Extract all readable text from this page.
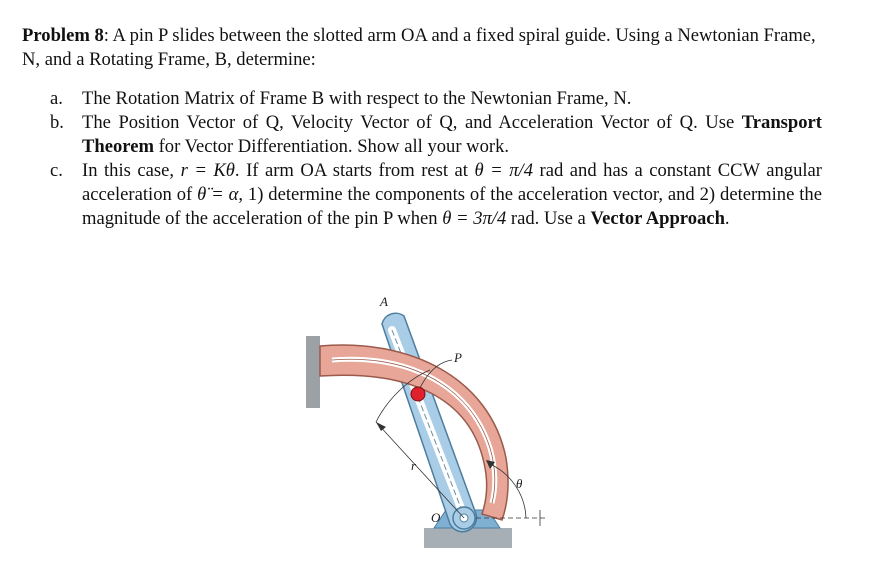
Problem 8: A pin P slides between the slotted arm OA and a fixed spiral guide. Using a Newtonian Frame, N, and a Rotating Frame, B, determine:
a. The Rotation Matrix of Frame B with respect to the Newtonian Frame, N.
b. The Position Vector of Q, Velocity Vector of Q, and Acceleration Vector of Q. Use Transport Theorem for Vector Differentiation. Show all your work.
c. In this case, r = Kθ. If arm OA starts from rest at θ = π/4 rad and has a constant CCW angular acceleration of θ̈ = α, 1) determine the components of the acceleration vector, and 2) determine the magnitude of the acceleration of the pin P when θ = 3π/4 rad. Use a Vector Approach.
A
P
r
θ
O
